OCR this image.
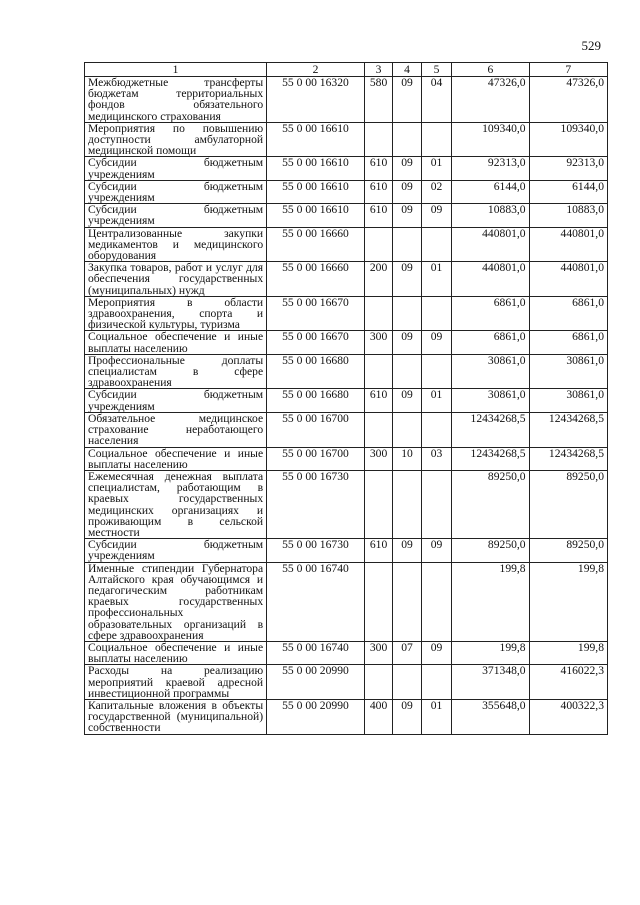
529
1	2	3	4	5	6	7
Межбюджетные трансферты бюджетам территориальных фондов обязательного медицинского страхования	55 0 00 16320	580	09	04	47326,0	47326,0
Мероприятия по повышению доступности амбулаторной медицинской помощи	55 0 00 16610				109340,0	109340,0
Субсидии бюджетным учреждениям	55 0 00 16610	610	09	01	92313,0	92313,0
Субсидии бюджетным учреждениям	55 0 00 16610	610	09	02	6144,0	6144,0
Субсидии бюджетным учреждениям	55 0 00 16610	610	09	09	10883,0	10883,0
Централизованные закупки медикаментов и медицинского оборудования	55 0 00 16660				440801,0	440801,0
Закупка товаров, работ и услуг для обеспечения государственных (муниципальных) нужд	55 0 00 16660	200	09	01	440801,0	440801,0
Мероприятия в области здравоохранения, спорта и физической культуры, туризма	55 0 00 16670				6861,0	6861,0
Социальное обеспечение и иные выплаты населению	55 0 00 16670	300	09	09	6861,0	6861,0
Профессиональные доплаты специалистам в сфере здравоохранения	55 0 00 16680				30861,0	30861,0
Субсидии бюджетным учреждениям	55 0 00 16680	610	09	01	30861,0	30861,0
Обязательное медицинское страхование неработающего населения	55 0 00 16700				12434268,5	12434268,5
Социальное обеспечение и иные выплаты населению	55 0 00 16700	300	10	03	12434268,5	12434268,5
Ежемесячная денежная выплата специалистам, работающим в краевых государственных медицинских организациях и проживающим в сельской местности	55 0 00 16730				89250,0	89250,0
Субсидии бюджетным учреждениям	55 0 00 16730	610	09	09	89250,0	89250,0
Именные стипендии Губернатора Алтайского края обучающимся и педагогическим работникам краевых государственных профессиональных образовательных организаций в сфере здравоохранения	55 0 00 16740				199,8	199,8
Социальное обеспечение и иные выплаты населению	55 0 00 16740	300	07	09	199,8	199,8
Расходы на реализацию мероприятий краевой адресной инвестиционной программы	55 0 00 20990				371348,0	416022,3
Капитальные вложения в объекты государственной (муниципальной) собственности	55 0 00 20990	400	09	01	355648,0	400322,3
